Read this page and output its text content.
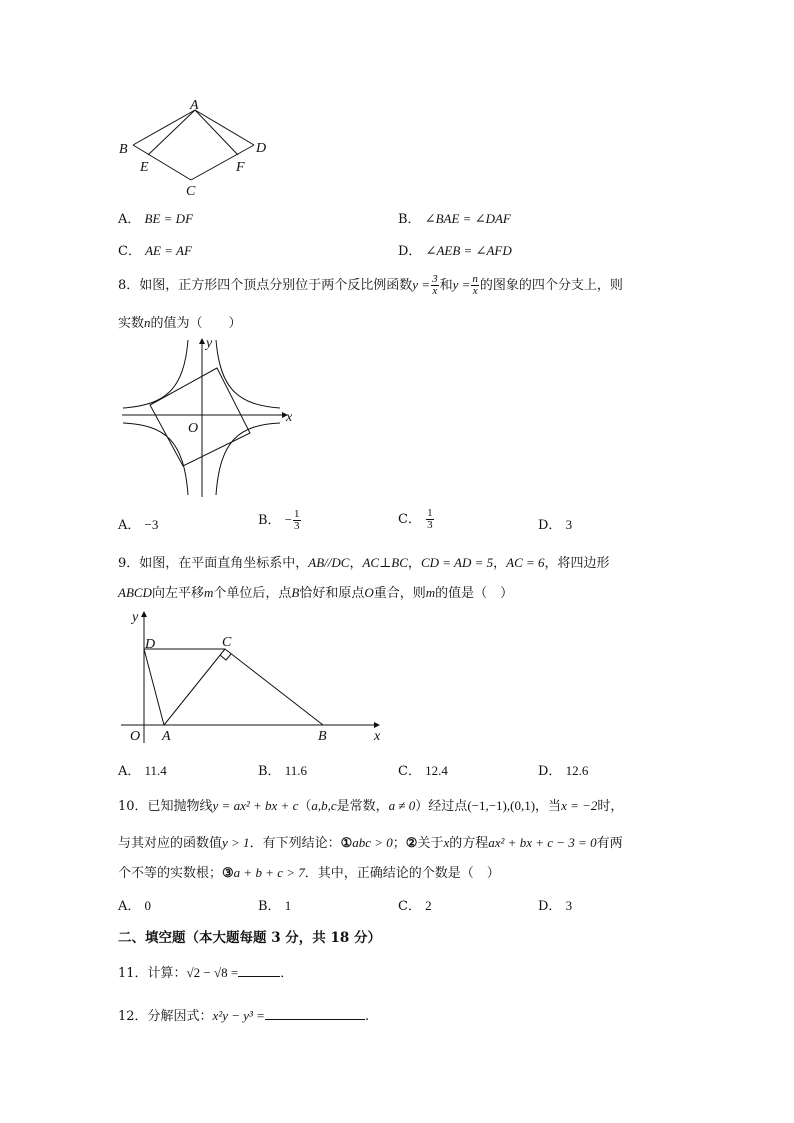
A
B	D
E	F
C
A． BE = DF	B． ∠BAE = ∠DAF
C． AE = AF	D． ∠AEB = ∠AFD
8．如图，正方形四个顶点分别位于两个反比例函数$y = \frac{3}{x}$ 和$y = \frac{n}{x}$ 的图象的四个分支上，则
实数n的值为（　　）
x
y
O
A． −3	B． − $\frac{1}{3}$	C． $\frac{1}{3}$	D． 3
9．如图，在平面直角坐标系中，AB//DC，AC⊥BC，CD = AD = 5，AC = 6，将四边形
ABCD向左平移m个单位后，点B恰好和原点O重合，则m的值是（　）
y
x
O A	B
C
D
A． 11.4	B． 11.6	C． 12.4	D． 12.6
10．已知抛物线y = ax² + bx + c（a,b,c是常数，a ≠ 0）经过点(−1,−1),(0,1)，当x = −2时，
与其对应的函数值y > 1．有下列结论：①abc > 0；②关于x的方程ax² + bx + c − 3 = 0有两
个不等的实数根；③a + b + c > 7．其中，正确结论的个数是（　）
A． 0	B． 1	C． 2	D． 3
二、填空题（本大题每题 3 分，共 18 分）
11．计算：√2 − √8 =	．
12．分解因式：x²y − y³ =	.
